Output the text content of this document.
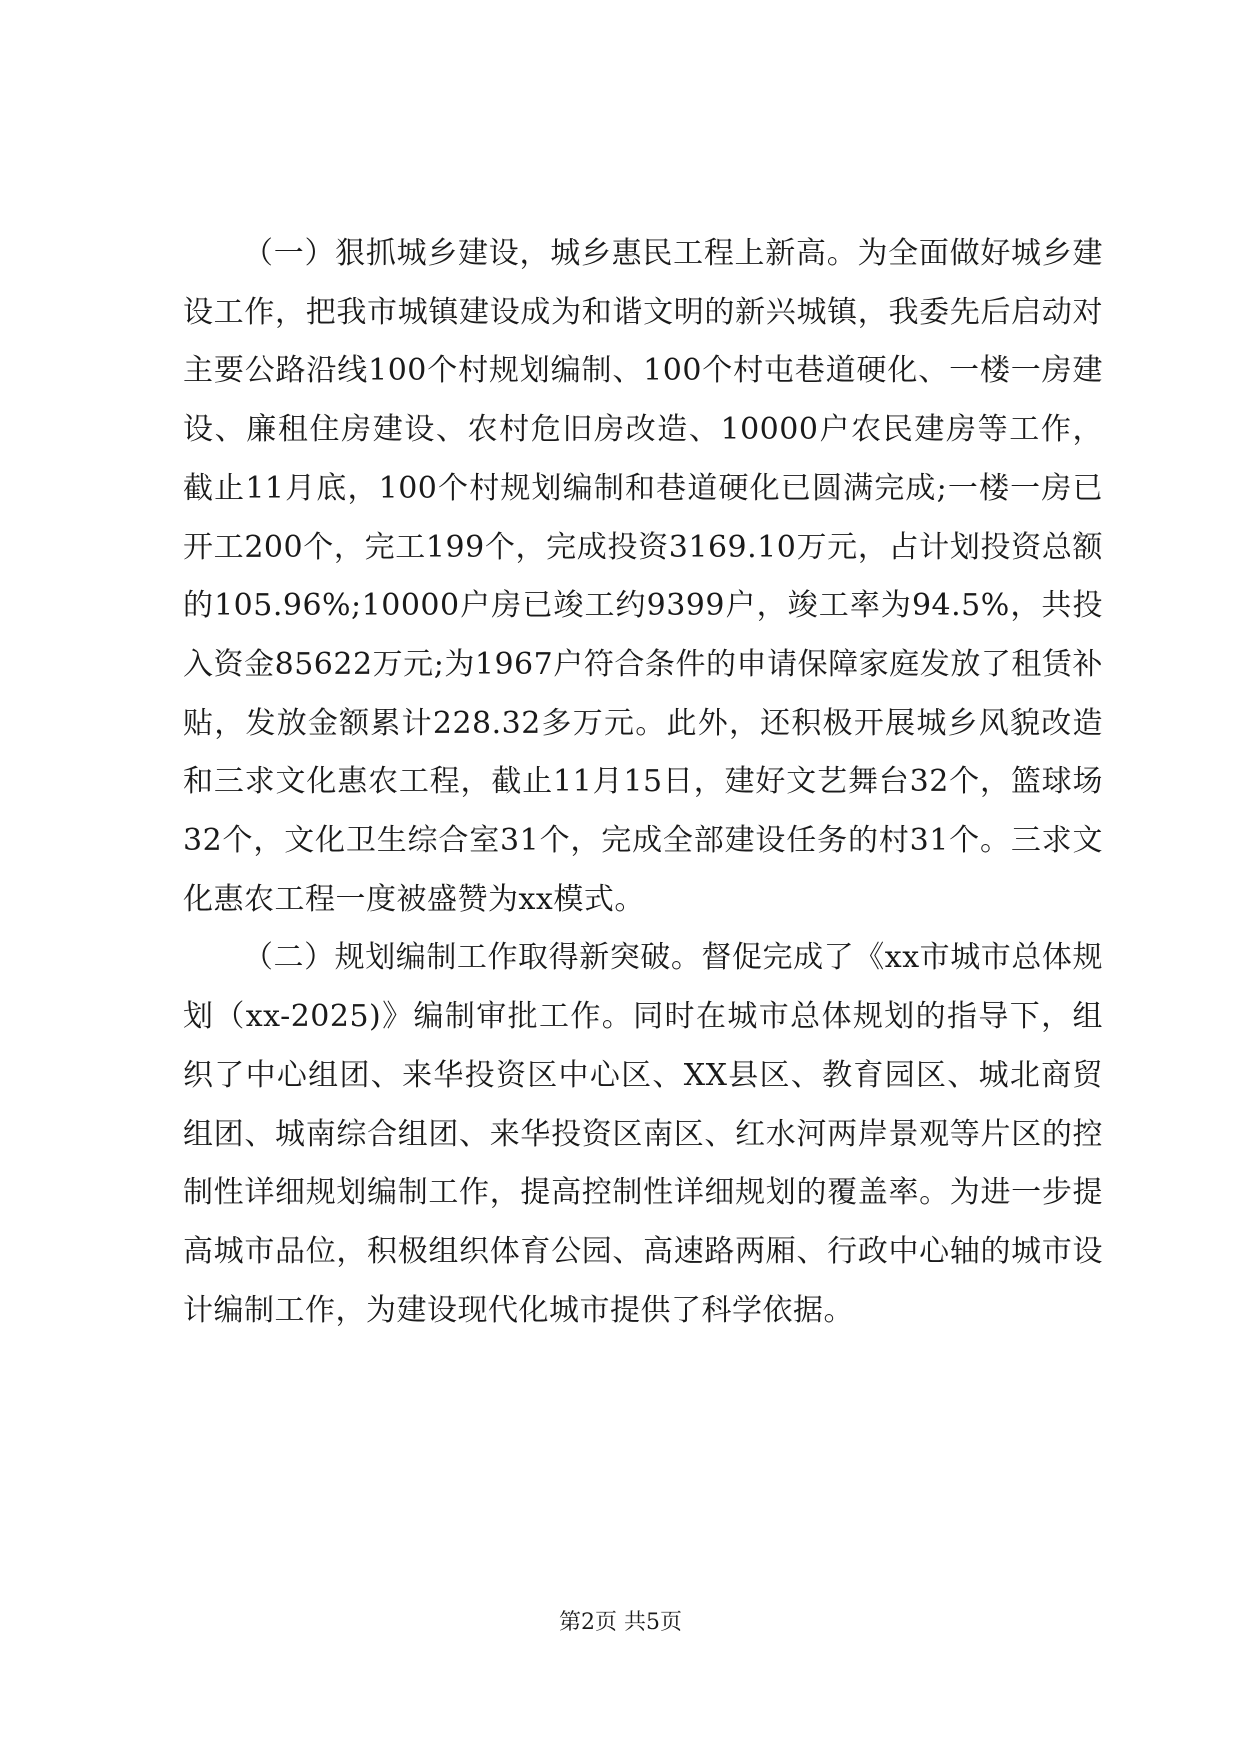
（一）狠抓城乡建设，城乡惠民工程上新高。为全面做好城乡建设工作，把我市城镇建设成为和谐文明的新兴城镇，我委先后启动对主要公路沿线100个村规划编制、100个村屯巷道硬化、一楼一房建设、廉租住房建设、农村危旧房改造、10000户农民建房等工作，截止11月底，100个村规划编制和巷道硬化已圆满完成;一楼一房已开工200个，完工199个，完成投资3169.10万元，占计划投资总额的105.96%;10000户房已竣工约9399户，竣工率为94.5%，共投入资金85622万元;为1967户符合条件的申请保障家庭发放了租赁补贴，发放金额累计228.32多万元。此外，还积极开展城乡风貌改造和三求文化惠农工程，截止11月15日，建好文艺舞台32个，篮球场32个，文化卫生综合室31个，完成全部建设任务的村31个。三求文化惠农工程一度被盛赞为xx模式。

（二）规划编制工作取得新突破。督促完成了《xx市城市总体规划（xx-2025)》编制审批工作。同时在城市总体规划的指导下，组织了中心组团、来华投资区中心区、XX县区、教育园区、城北商贸组团、城南综合组团、来华投资区南区、红水河两岸景观等片区的控制性详细规划编制工作，提高控制性详细规划的覆盖率。为进一步提高城市品位，积极组织体育公园、高速路两厢、行政中心轴的城市设计编制工作，为建设现代化城市提供了科学依据。

第2页 共5页
